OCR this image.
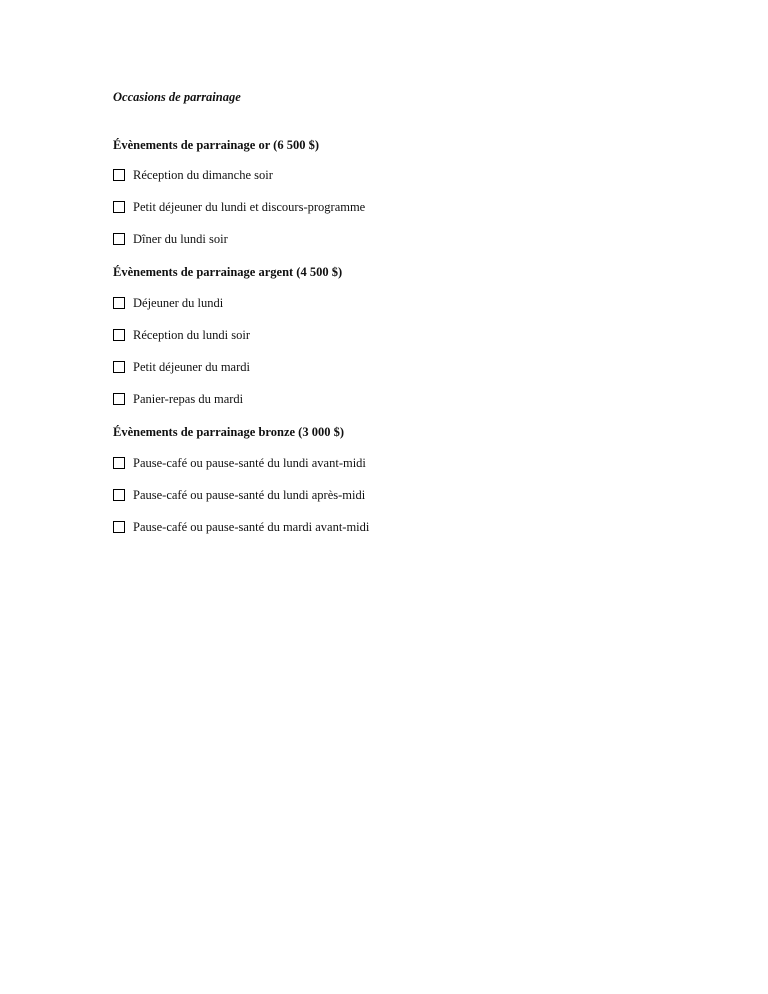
Occasions de parrainage
Évènements de parrainage or (6 500 $)
Réception du dimanche soir
Petit déjeuner du lundi et discours-programme
Dîner du lundi soir
Évènements de parrainage argent (4 500 $)
Déjeuner du lundi
Réception du lundi soir
Petit déjeuner du mardi
Panier-repas du mardi
Évènements de parrainage bronze (3 000 $)
Pause-café ou pause-santé du lundi avant-midi
Pause-café ou pause-santé du lundi après-midi
Pause-café ou pause-santé du mardi avant-midi
